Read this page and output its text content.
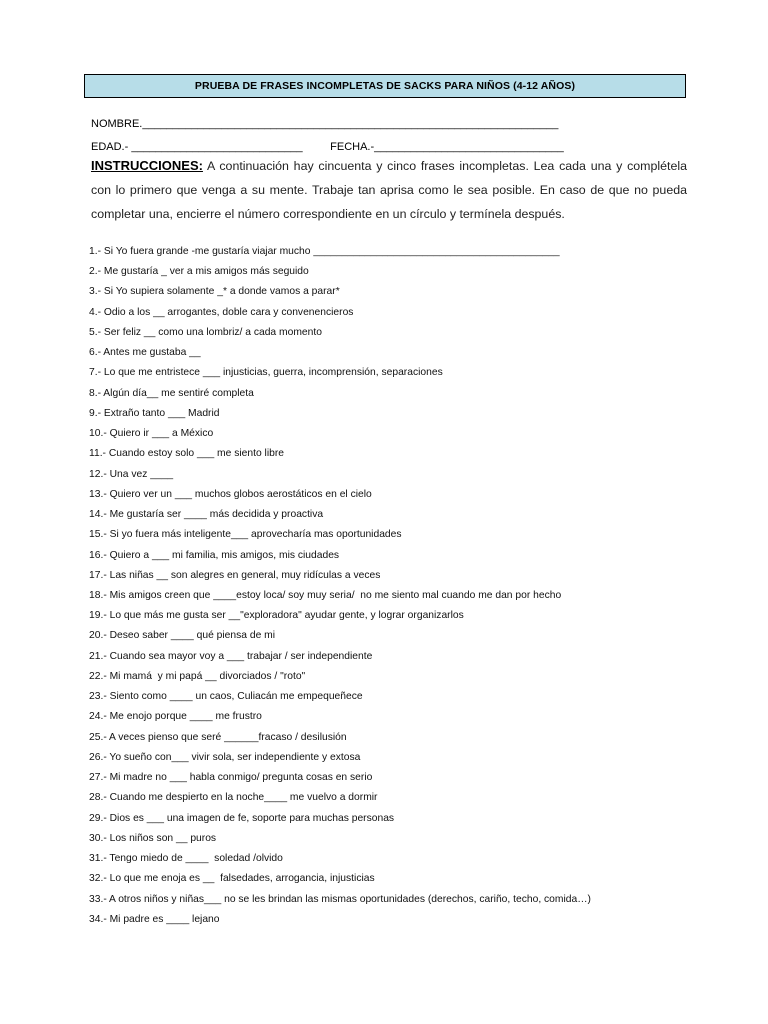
PRUEBA DE FRASES INCOMPLETAS DE SACKS PARA NIÑOS (4-12 AÑOS)
NOMBRE.____________________________________________________________________
EDAD.- ____________________________         FECHA.-_______________________________
INSTRUCCIONES: A continuación hay cincuenta y cinco frases incompletas. Lea cada una y complétela con lo primero que venga a su mente. Trabaje tan aprisa como le sea posible. En caso de que no pueda completar una, encierre el número correspondiente en un círculo y termínela después.
1.- Si Yo fuera grande -me gustaría viajar mucho ___________________________________________
2.- Me gustaría _ ver a mis amigos más seguido
3.- Si Yo supiera solamente _* a donde vamos a parar*
4.- Odio a los __ arrogantes, doble cara y convenencieros
5.- Ser feliz __ como una lombriz/ a cada momento
6.- Antes me gustaba __
7.- Lo que me entristece ___ injusticias, guerra, incomprensión, separaciones
8.- Algún día__ me sentiré completa
9.- Extraño tanto ___ Madrid
10.- Quiero ir ___ a México
11.- Cuando estoy solo ___ me siento libre
12.- Una vez ____
13.- Quiero ver un ___ muchos globos aerostáticos en el cielo
14.- Me gustaría ser ____ más decidida y proactiva
15.- Si yo fuera más inteligente___ aprovecharía mas oportunidades
16.- Quiero a ___ mi familia, mis amigos, mis ciudades
17.- Las niñas __ son alegres en general, muy ridículas a veces
18.- Mis amigos creen que ____estoy loca/ soy muy seria/  no me siento mal cuando me dan por hecho
19.- Lo que más me gusta ser __"exploradora" ayudar gente, y lograr organizarlos
20.- Deseo saber ____ qué piensa de mi
21.- Cuando sea mayor voy a ___ trabajar / ser independiente
22.- Mi mamá  y mi papá __ divorciados / "roto"
23.- Siento como ____ un caos, Culiacán me empequeñece
24.- Me enojo porque ____ me frustro
25.- A veces pienso que seré ______fracaso / desilusión
26.- Yo sueño con___ vivir sola, ser independiente y extosa
27.- Mi madre no ___ habla conmigo/ pregunta cosas en serio
28.- Cuando me despierto en la noche____ me vuelvo a dormir
29.- Dios es ___ una imagen de fe, soporte para muchas personas
30.- Los niños son __ puros
31.- Tengo miedo de ____  soledad /olvido
32.- Lo que me enoja es __  falsedades, arrogancia, injusticias
33.- A otros niños y niñas___ no se les brindan las mismas oportunidades (derechos, cariño, techo, comida…)
34.- Mi padre es ____ lejano
